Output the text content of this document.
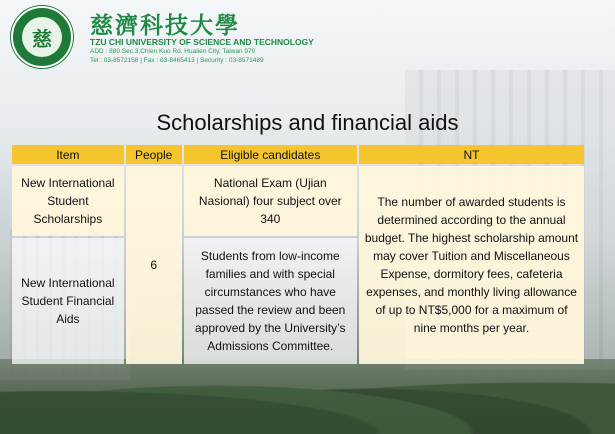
慈	慈濟科技大學
TZU CHI UNIVERSITY OF SCIENCE AND TECHNOLOGY
ADD : 880 Sec.3,Chien Kuo Rd. Hualien City, Taiwan 970
Tel : 03-8572158 | Fax : 03-8465413 | Security : 03-8571489
Scholarships and financial aids
Item	People	Eligible candidates	NT
New International Student Scholarships	6	National Exam (Ujian Nasional) four subject over 340	The number of awarded students is determined according to the annual budget. The highest scholarship amount may cover Tuition and Miscellaneous Expense, dormitory fees, cafeteria expenses, and monthly living allowance of up to NT$5,000 for a maximum of nine months per year.
New International Student Financial Aids		Students from low-income families and with special circumstances who have passed the review and been approved by the University’s Admissions Committee.	
